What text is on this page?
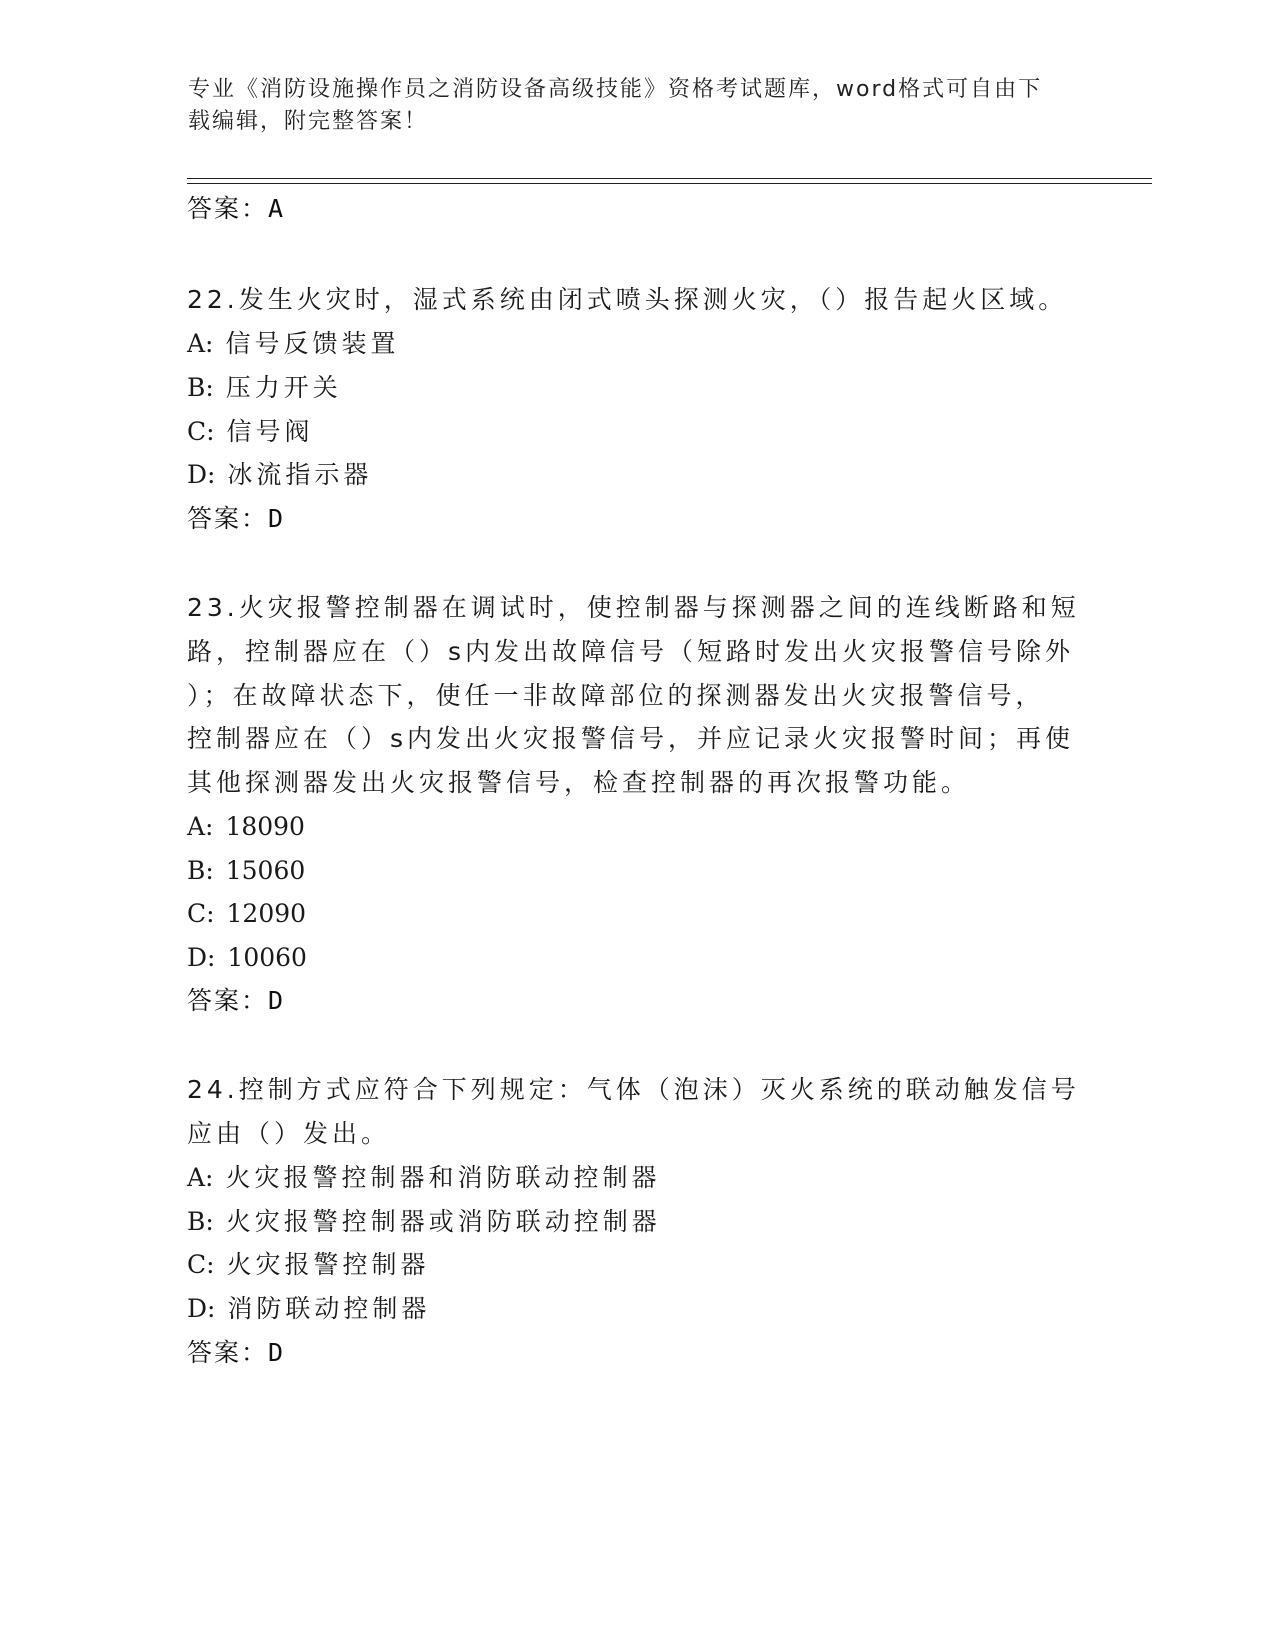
专业《消防设施操作员之消防设备高级技能》资格考试题库，word格式可自由下
载编辑，附完整答案！
答案：A
22.发生火灾时，湿式系统由闭式喷头探测火灾，（）报告起火区域。
A: 信号反馈装置
B: 压力开关
C: 信号阀
D: 冰流指示器
答案：D
23.火灾报警控制器在调试时，使控制器与探测器之间的连线断路和短
路，控制器应在（）s内发出故障信号（短路时发出火灾报警信号除外
）；在故障状态下，使任一非故障部位的探测器发出火灾报警信号，
控制器应在（）s内发出火灾报警信号，并应记录火灾报警时间；再使
其他探测器发出火灾报警信号，检查控制器的再次报警功能。
A: 18090
B: 15060
C: 12090
D: 10060
答案：D
24.控制方式应符合下列规定：气体（泡沫）灭火系统的联动触发信号
应由（）发出。
A: 火灾报警控制器和消防联动控制器
B: 火灾报警控制器或消防联动控制器
C: 火灾报警控制器
D: 消防联动控制器
答案：D
